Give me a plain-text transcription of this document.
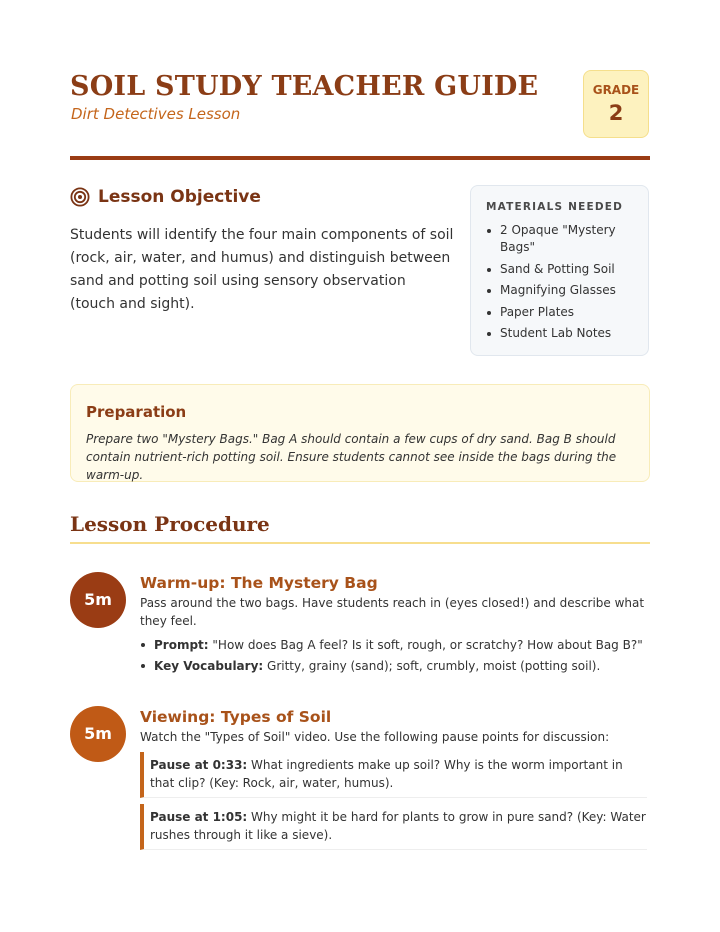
SOIL STUDY TEACHER GUIDE
Dirt Detectives Lesson
GRADE
2
Lesson Objective
Students will identify the four main components of soil (rock, air, water, and humus) and distinguish between sand and potting soil using sensory observation (touch and sight).
MATERIALS NEEDED
2 Opaque "Mystery Bags"
Sand & Potting Soil
Magnifying Glasses
Paper Plates
Student Lab Notes
Preparation
Prepare two "Mystery Bags." Bag A should contain a few cups of dry sand. Bag B should contain nutrient-rich potting soil. Ensure students cannot see inside the bags during the warm-up.
Lesson Procedure
5m
Warm-up: The Mystery Bag
Pass around the two bags. Have students reach in (eyes closed!) and describe what they feel.
Prompt: "How does Bag A feel? Is it soft, rough, or scratchy? How about Bag B?"
Key Vocabulary: Gritty, grainy (sand); soft, crumbly, moist (potting soil).
5m
Viewing: Types of Soil
Watch the "Types of Soil" video. Use the following pause points for discussion:
Pause at 0:33: What ingredients make up soil? Why is the worm important in that clip? (Key: Rock, air, water, humus).
Pause at 1:05: Why might it be hard for plants to grow in pure sand? (Key: Water rushes through it like a sieve).
